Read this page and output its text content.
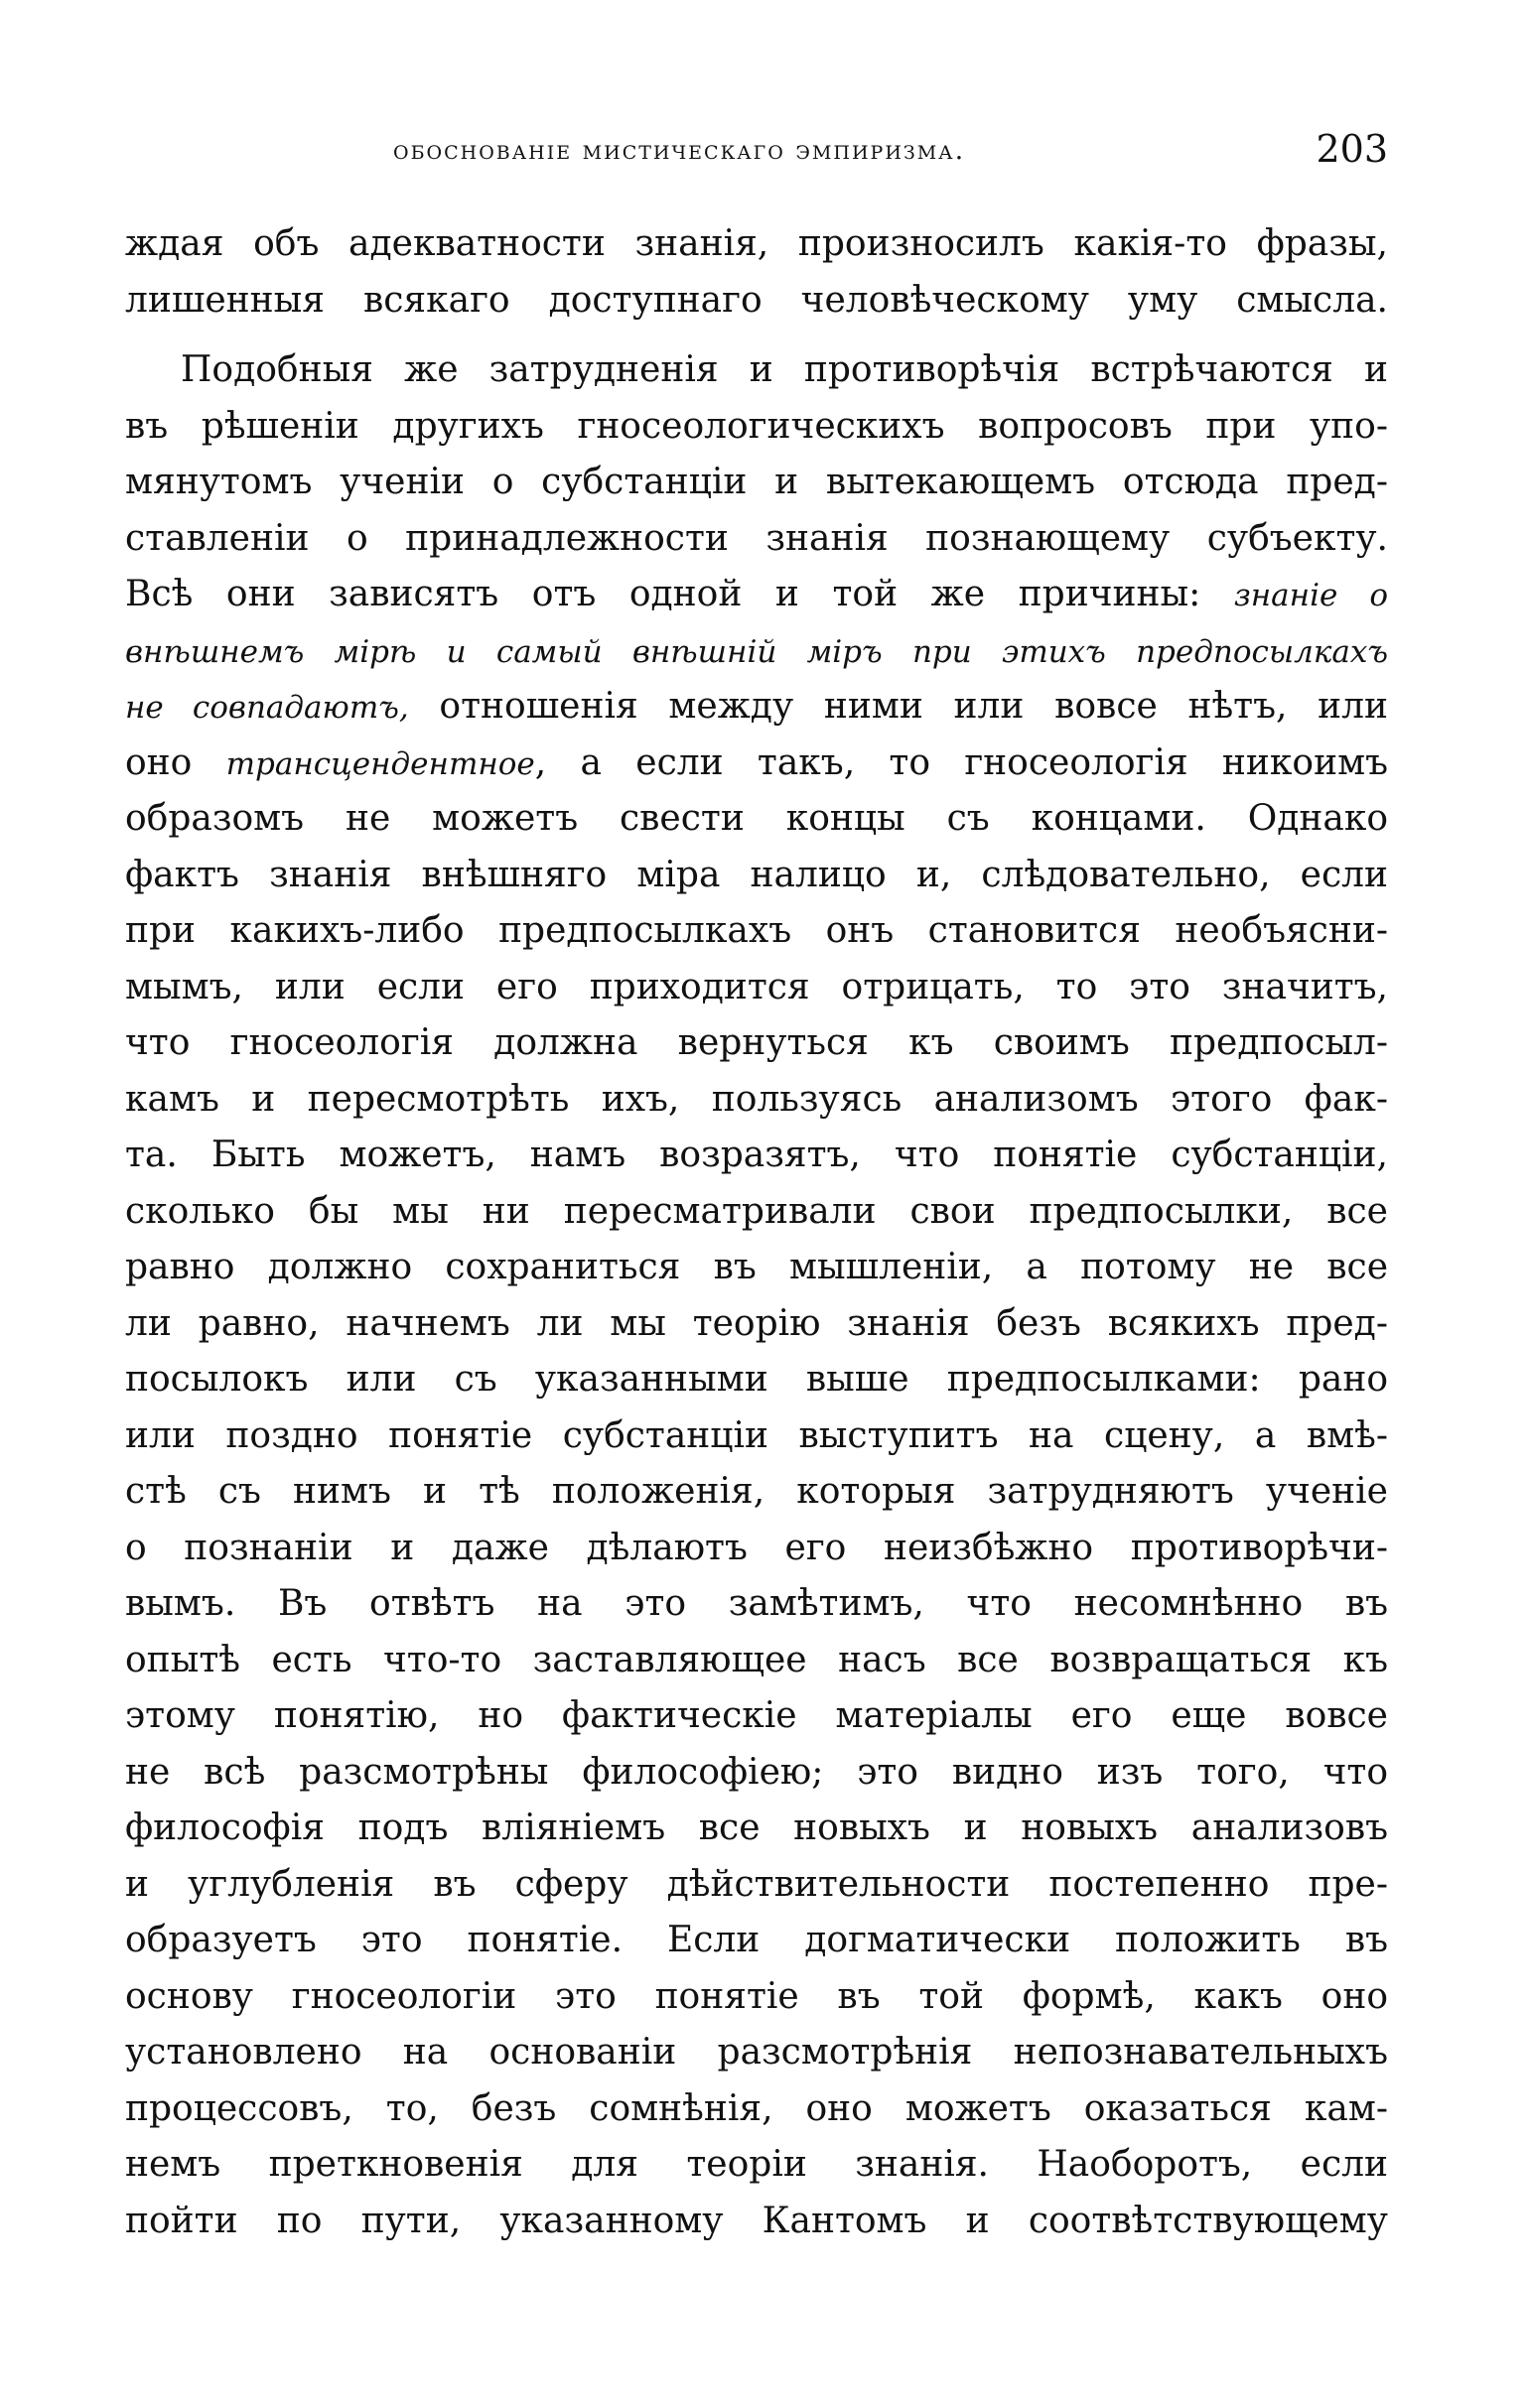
обоснованіе мистическаго эмпиризма.	203
ждая объ адекватности знанія, произносилъ какія-то фразы,
лишенныя всякаго доступнаго человѣческому уму смысла.
Подобныя же затрудненія и противорѣчія встрѣчаются и
въ рѣшеніи другихъ гносеологическихъ вопросовъ при упо-
мянутомъ ученіи о субстанціи и вытекающемъ отсюда пред-
ставленіи о принадлежности знанія познающему субъекту.
Всѣ они зависятъ отъ одной и той же причины: знаніе о
внѣшнемъ мірѣ и самый внѣшній міръ при этихъ предпосылкахъ
не совпадаютъ, отношенія между ними или вовсе нѣтъ, или
оно трансцендентное, а если такъ, то гносеологія никоимъ
образомъ не можетъ свести концы съ концами. Однако
фактъ знанія внѣшняго міра налицо и, слѣдовательно, если
при какихъ-либо предпосылкахъ онъ становится необъясни-
мымъ, или если его приходится отрицать, то это значитъ,
что гносеологія должна вернуться къ своимъ предпосыл-
камъ и пересмотрѣть ихъ, пользуясь анализомъ этого фак-
та. Быть можетъ, намъ возразятъ, что понятіе субстанціи,
сколько бы мы ни пересматривали свои предпосылки, все
равно должно сохраниться въ мышленіи, а потому не все
ли равно, начнемъ ли мы теорію знанія безъ всякихъ пред-
посылокъ или съ указанными выше предпосылками: рано
или поздно понятіе субстанціи выступитъ на сцену, а вмѣ-
стѣ съ нимъ и тѣ положенія, которыя затрудняютъ ученіе
о познаніи и даже дѣлаютъ его неизбѣжно противорѣчи-
вымъ. Въ отвѣтъ на это замѣтимъ, что несомнѣнно въ
опытѣ есть что-то заставляющее насъ все возвращаться къ
этому понятію, но фактическіе матеріалы его еще вовсе
не всѣ разсмотрѣны философіею; это видно изъ того, что
философія подъ вліяніемъ все новыхъ и новыхъ анализовъ
и углубленія въ сферу дѣйствительности постепенно пре-
образуетъ это понятіе. Если догматически положить въ
основу гносеологіи это понятіе въ той формѣ, какъ оно
установлено на основаніи разсмотрѣнія непознавательныхъ
процессовъ, то, безъ сомнѣнія, оно можетъ оказаться кам-
немъ преткновенія для теоріи знанія. Наоборотъ, если
пойти по пути, указанному Кантомъ и соотвѣтствующему
